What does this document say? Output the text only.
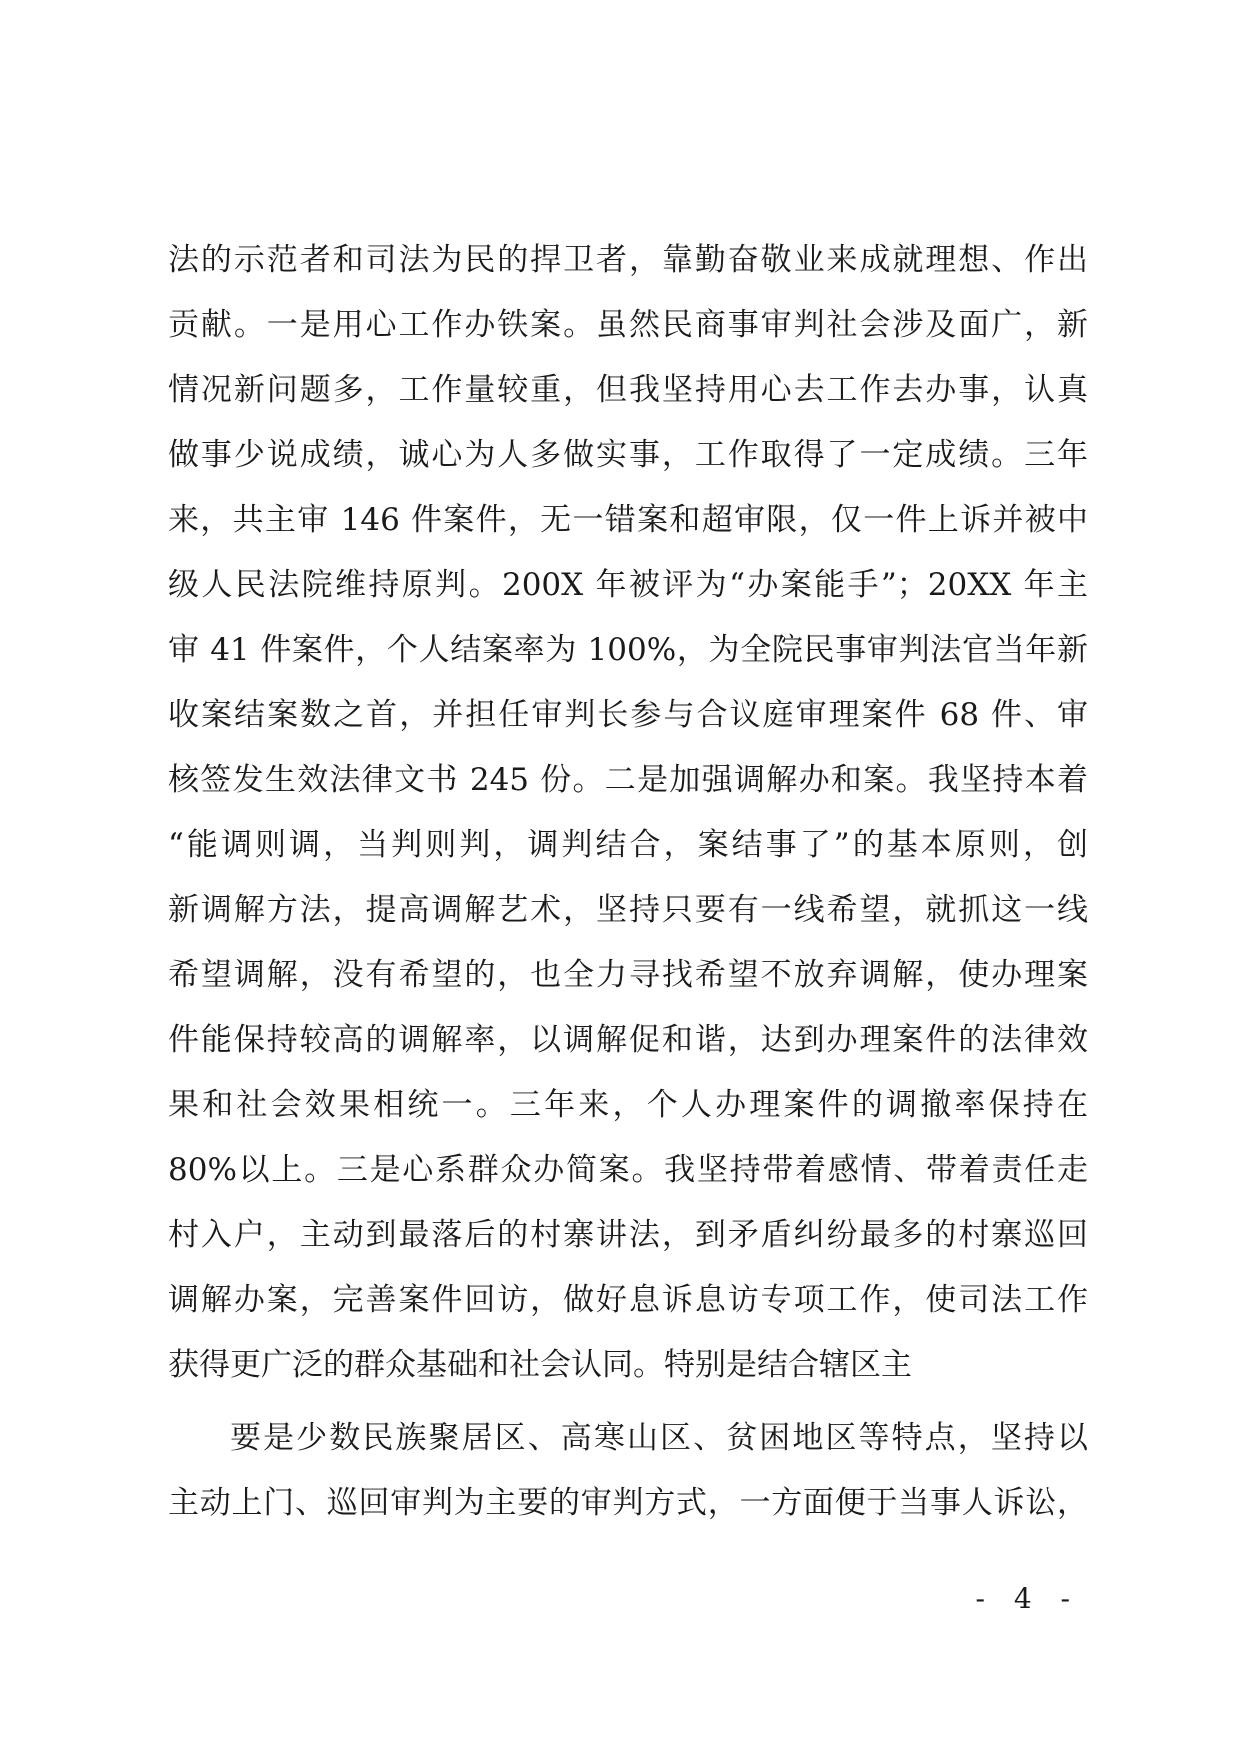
法的示范者和司法为民的捍卫者，靠勤奋敬业来成就理想、作出
贡献。一是用心工作办铁案。虽然民商事审判社会涉及面广，新
情况新问题多，工作量较重，但我坚持用心去工作去办事，认真
做事少说成绩，诚心为人多做实事，工作取得了一定成绩。三年
来，共主审 146 件案件，无一错案和超审限，仅一件上诉并被中
级人民法院维持原判。200X 年被评为“办案能手”；20XX 年主
审 41 件案件，个人结案率为 100%，为全院民事审判法官当年新
收案结案数之首，并担任审判长参与合议庭审理案件 68 件、审
核签发生效法律文书 245 份。二是加强调解办和案。我坚持本着
“能调则调，当判则判，调判结合，案结事了”的基本原则，创
新调解方法，提高调解艺术，坚持只要有一线希望，就抓这一线
希望调解，没有希望的，也全力寻找希望不放弃调解，使办理案
件能保持较高的调解率，以调解促和谐，达到办理案件的法律效
果和社会效果相统一。三年来，个人办理案件的调撤率保持在
80%以上。三是心系群众办简案。我坚持带着感情、带着责任走
村入户，主动到最落后的村寨讲法，到矛盾纠纷最多的村寨巡回
调解办案，完善案件回访，做好息诉息访专项工作，使司法工作
获得更广泛的群众基础和社会认同。特别是结合辖区主
要是少数民族聚居区、高寒山区、贫困地区等特点，坚持以
主动上门、巡回审判为主要的审判方式，一方面便于当事人诉讼，
- 4 -
